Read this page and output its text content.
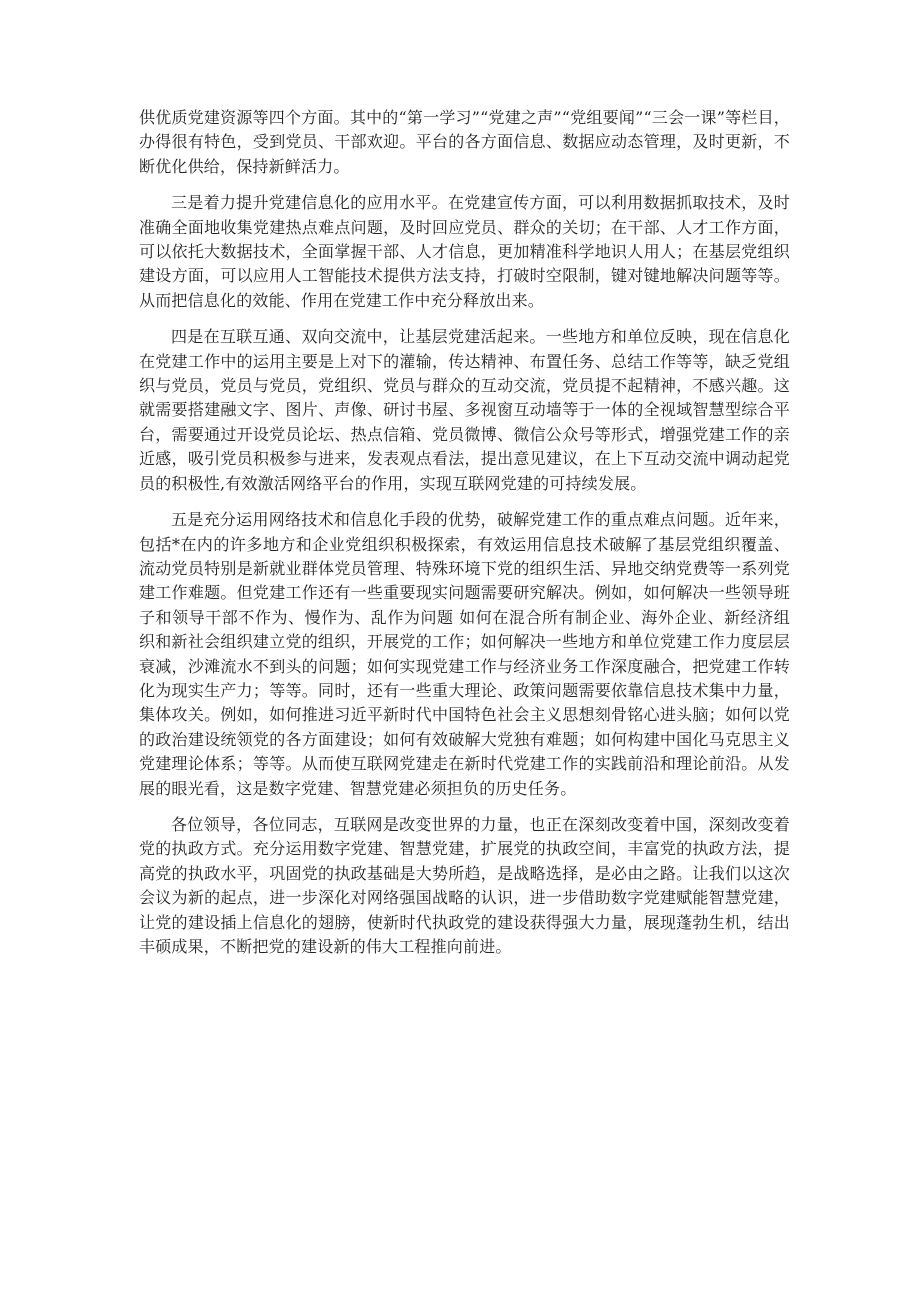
供优质党建资源等四个方面。其中的“第一学习”“党建之声”“党组要闻”“三会一课”等栏目，办得很有特色，受到党员、干部欢迎。平台的各方面信息、数据应动态管理，及时更新，不断优化供给，保持新鲜活力。

三是着力提升党建信息化的应用水平。在党建宣传方面，可以利用数据抓取技术，及时准确全面地收集党建热点难点问题，及时回应党员、群众的关切；在干部、人才工作方面，可以依托大数据技术，全面掌握干部、人才信息，更加精准科学地识人用人；在基层党组织建设方面，可以应用人工智能技术提供方法支持，打破时空限制，键对键地解决问题等等。从而把信息化的效能、作用在党建工作中充分释放出来。

四是在互联互通、双向交流中，让基层党建活起来。一些地方和单位反映，现在信息化在党建工作中的运用主要是上对下的灌输，传达精神、布置任务、总结工作等等，缺乏党组织与党员，党员与党员，党组织、党员与群众的互动交流，党员提不起精神，不感兴趣。这就需要搭建融文字、图片、声像、研讨书屋、多视窗互动墙等于一体的全视域智慧型综合平台，需要通过开设党员论坛、热点信箱、党员微博、微信公众号等形式，增强党建工作的亲近感，吸引党员积极参与进来，发表观点看法，提出意见建议，在上下互动交流中调动起党员的积极性,有效激活网络平台的作用，实现互联网党建的可持续发展。

五是充分运用网络技术和信息化手段的优势，破解党建工作的重点难点问题。近年来，包括*在内的许多地方和企业党组织积极探索，有效运用信息技术破解了基层党组织覆盖、流动党员特别是新就业群体党员管理、特殊环境下党的组织生活、异地交纳党费等一系列党建工作难题。但党建工作还有一些重要现实问题需要研究解决。例如，如何解决一些领导班子和领导干部不作为、慢作为、乱作为问题 如何在混合所有制企业、海外企业、新经济组织和新社会组织建立党的组织，开展党的工作；如何解决一些地方和单位党建工作力度层层衰减，沙滩流水不到头的问题；如何实现党建工作与经济业务工作深度融合，把党建工作转化为现实生产力；等等。同时，还有一些重大理论、政策问题需要依靠信息技术集中力量，集体攻关。例如，如何推进习近平新时代中国特色社会主义思想刻骨铭心进头脑；如何以党的政治建设统领党的各方面建设；如何有效破解大党独有难题；如何构建中国化马克思主义党建理论体系；等等。从而使互联网党建走在新时代党建工作的实践前沿和理论前沿。从发展的眼光看，这是数字党建、智慧党建必须担负的历史任务。

各位领导，各位同志，互联网是改变世界的力量，也正在深刻改变着中国，深刻改变着党的执政方式。充分运用数字党建、智慧党建，扩展党的执政空间，丰富党的执政方法，提高党的执政水平，巩固党的执政基础是大势所趋，是战略选择，是必由之路。让我们以这次会议为新的起点，进一步深化对网络强国战略的认识，进一步借助数字党建赋能智慧党建，让党的建设插上信息化的翅膀，使新时代执政党的建设获得强大力量，展现蓬勃生机，结出丰硕成果，不断把党的建设新的伟大工程推向前进。
